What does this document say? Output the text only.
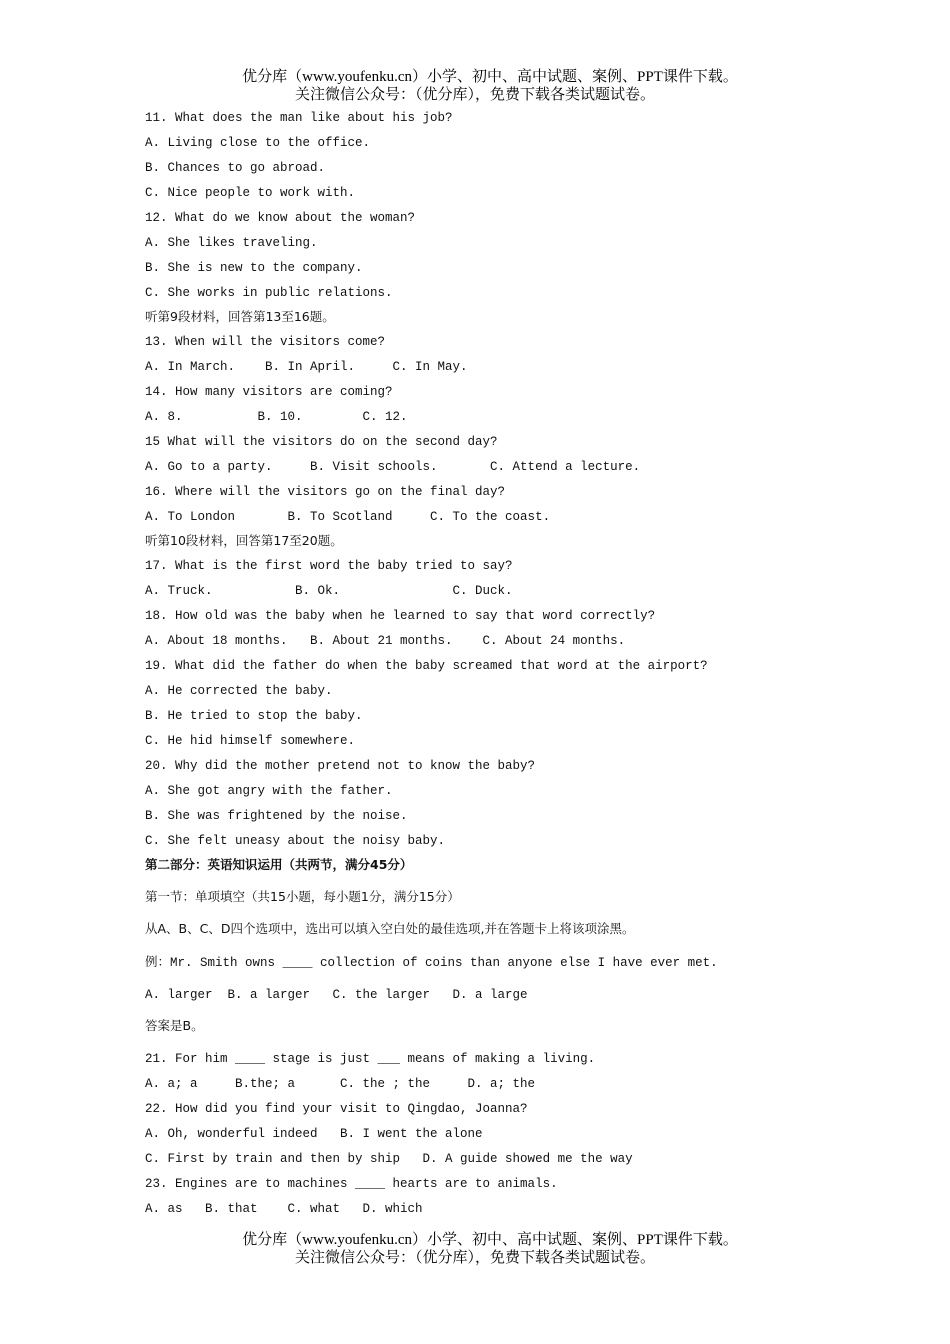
优分库（www.youfenku.cn）小学、初中、高中试题、案例、PPT课件下载。
关注微信公众号：（优分库），免费下载各类试题试卷。
11. What does the man like about his job?
A. Living close to the office.
B. Chances to go abroad.
C. Nice people to work with.
12. What do we know about the woman?
A. She likes traveling.
B. She is new to the company.
C. She works in public relations.
听第9段材料，回答第13至16题。
13. When will the visitors come?
A. In March.    B. In April.     C. In May.
14. How many visitors are coming?
A. 8.          B. 10.        C. 12.
15 What will the visitors do on the second day?
A. Go to a party.     B. Visit schools.       C. Attend a lecture.
16. Where will the visitors go on the final day?
A. To London       B. To Scotland     C. To the coast.
听第10段材料，回答第17至20题。
17. What is the first word the baby tried to say?
A. Truck.           B. Ok.               C. Duck.
18. How old was the baby when he learned to say that word correctly?
A. About 18 months.   B. About 21 months.    C. About 24 months.
19. What did the father do when the baby screamed that word at the airport?
A. He corrected the baby.
B. He tried to stop the baby.
C. He hid himself somewhere.
20. Why did the mother pretend not to know the baby?
A. She got angry with the father.
B. She was frightened by the noise.
C. She felt uneasy about the noisy baby.
第二部分：英语知识运用（共两节，满分45分）
第一节：单项填空（共15小题，每小题1分，满分15分）
从A、B、C、D四个选项中，选出可以填入空白处的最佳选项,并在答题卡上将该项涂黑。
例：Mr. Smith owns ____ collection of coins than anyone else I have ever met.
A. larger  B. a larger   C. the larger   D. a large
答案是B。
21. For him ____ stage is just ___ means of making a living.
A. a; a     B.the; a      C. the ; the     D. a; the
22. How did you find your visit to Qingdao, Joanna?
A. Oh, wonderful indeed   B. I went the alone
C. First by train and then by ship   D. A guide showed me the way
23. Engines are to machines ____ hearts are to animals.
A. as   B. that    C. what   D. which
优分库（www.youfenku.cn）小学、初中、高中试题、案例、PPT课件下载。
关注微信公众号：（优分库），免费下载各类试题试卷。
